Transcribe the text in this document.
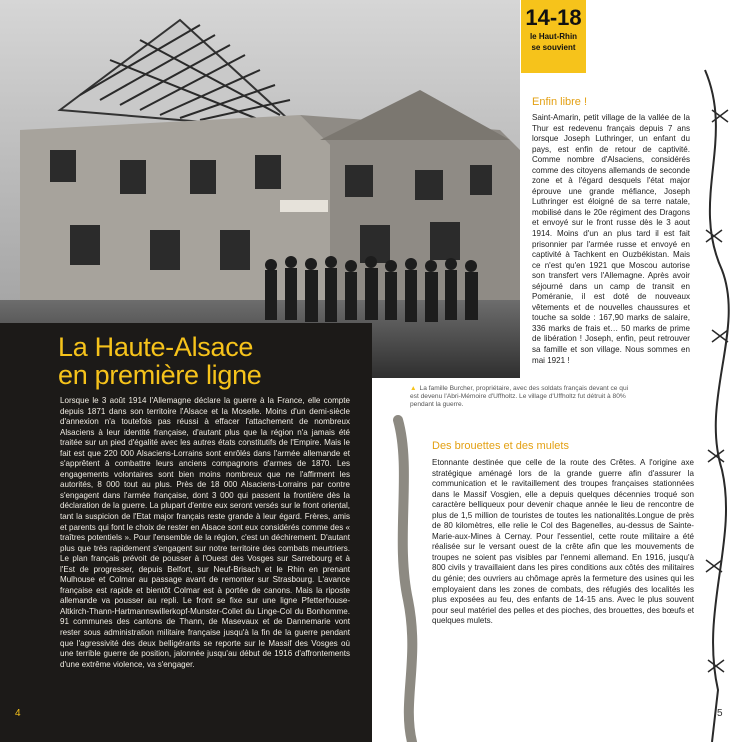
14-18
le Haut-Rhin
se souvient
La Haute-Alsace
en première ligne

Lorsque le 3 août 1914 l'Allemagne déclare la guerre à la France, elle compte depuis 1871 dans son territoire l'Alsace et la Moselle. Moins d'un demi-siècle d'annexion n'a toutefois pas réussi à effacer l'attachement de nombreux Alsaciens à leur identité française, d'autant plus que la région n'a jamais été traitée sur un pied d'égalité avec les autres états constitutifs de l'Empire. Mais le fait est que 220 000 Alsaciens-Lorrains sont enrôlés dans l'armée allemande et s'apprêtent à combattre leurs anciens compagnons d'armes de 1870. Les engagements volontaires sont bien moins nombreux que ne l'affirment les autorités, 8 000 tout au plus. Près de 18 000 Alsaciens-Lorrains par contre s'engagent dans l'armée française, dont 3 000 qui passent la frontière dès la déclaration de la guerre. La plupart d'entre eux seront versés sur le front oriental, tant la suspicion de l'Etat major français reste grande à leur égard. Frères, amis et parents qui font le choix de rester en Alsace sont eux considérés comme des « traîtres potentiels ». Pour l'ensemble de la région, c'est un déchirement. D'autant plus que très rapidement s'engagent sur notre territoire des combats meurtriers. Le plan français prévoit de pousser à l'Ouest des Vosges sur Sarrebourg et à l'Est de progresser, depuis Belfort, sur Neuf-Brisach et le Rhin en prenant Mulhouse et Colmar au passage avant de remonter sur Strasbourg. L'avance française est rapide et bientôt Colmar est à portée de canons. Mais la riposte allemande va pousser au repli. Le front se fixe sur une ligne Pfetterhouse-Altkirch-Thann-Hartmannswillerkopf-Munster-Collet du Linge-Col du Bonhomme. 91 communes des cantons de Thann, de Masevaux et de Dannemarie vont rester sous administration militaire française jusqu'à la fin de la guerre pendant que l'agressivité des deux belligérants se reporte sur le Massif des Vosges où une terrible guerre de position, jalonnée jusqu'au début de 1916 d'affrontements d'une extrême violence, va s'engager.

4
Enfin libre !

Saint-Amarin, petit village de la vallée de la Thur est redevenu français depuis 7 ans lorsque Joseph Luthringer, un enfant du pays, est enfin de retour de captivité. Comme nombre d'Alsaciens, considérés comme des citoyens allemands de seconde zone et à l'égard desquels l'état major éprouve une grande méfiance, Joseph Luthringer est éloigné de sa terre natale, mobilisé dans le 20e régiment des Dragons et envoyé sur le front russe dès le 3 aout 1914. Moins d'un an plus tard il est fait prisonnier par l'armée russe et envoyé en captivité à Tachkent en Ouzbékistan. Mais ce n'est qu'en 1921 que Moscou autorise son transfert vers l'Allemagne. Après avoir séjourné dans un camp de transit en Poméranie, il est doté de nouveaux vêtements et de nouvelles chaussures et touche sa solde : 167,90 marks de salaire, 336 marks de frais et… 50 marks de prime de libération ! Joseph, enfin, peut retrouver sa famille et son village. Nous sommes en mai 1921 !

▲ La famille Burcher, propriétaire, avec des soldats français devant ce qui est devenu l'Abri-Mémoire d'Uffholtz. Le village d'Uffholtz fut détruit à 80% pendant la guerre.

Des brouettes et des mulets

Etonnante destinée que celle de la route des Crêtes. A l'origine axe stratégique aménagé lors de la grande guerre afin d'assurer la communication et le ravitaillement des troupes françaises stationnées dans le Massif Vosgien, elle a depuis quelques décennies troqué son caractère belliqueux pour devenir chaque année le lieu de rencontre de plus de 1,5 million de touristes de toutes les nationalités.Longue de près de 80 kilomètres, elle relie le Col des Bagenelles, au-dessus de Sainte-Marie-aux-Mines à Cernay. Pour l'essentiel, cette route militaire a été réalisée sur le versant ouest de la crête afin que les mouvements de troupes ne soient pas visibles par l'ennemi allemand. En 1916, jusqu'à 800 civils y travaillaient dans les pires conditions aux côtés des militaires du génie; des ouvriers au chômage après la fermeture des usines qui les employaient dans les zones de combats, des réfugiés des localités les plus exposées au feu, des enfants de 14-15 ans. Avec le plus souvent pour seul matériel des pelles et des pioches, des brouettes, des bœufs et quelques mulets.

5
